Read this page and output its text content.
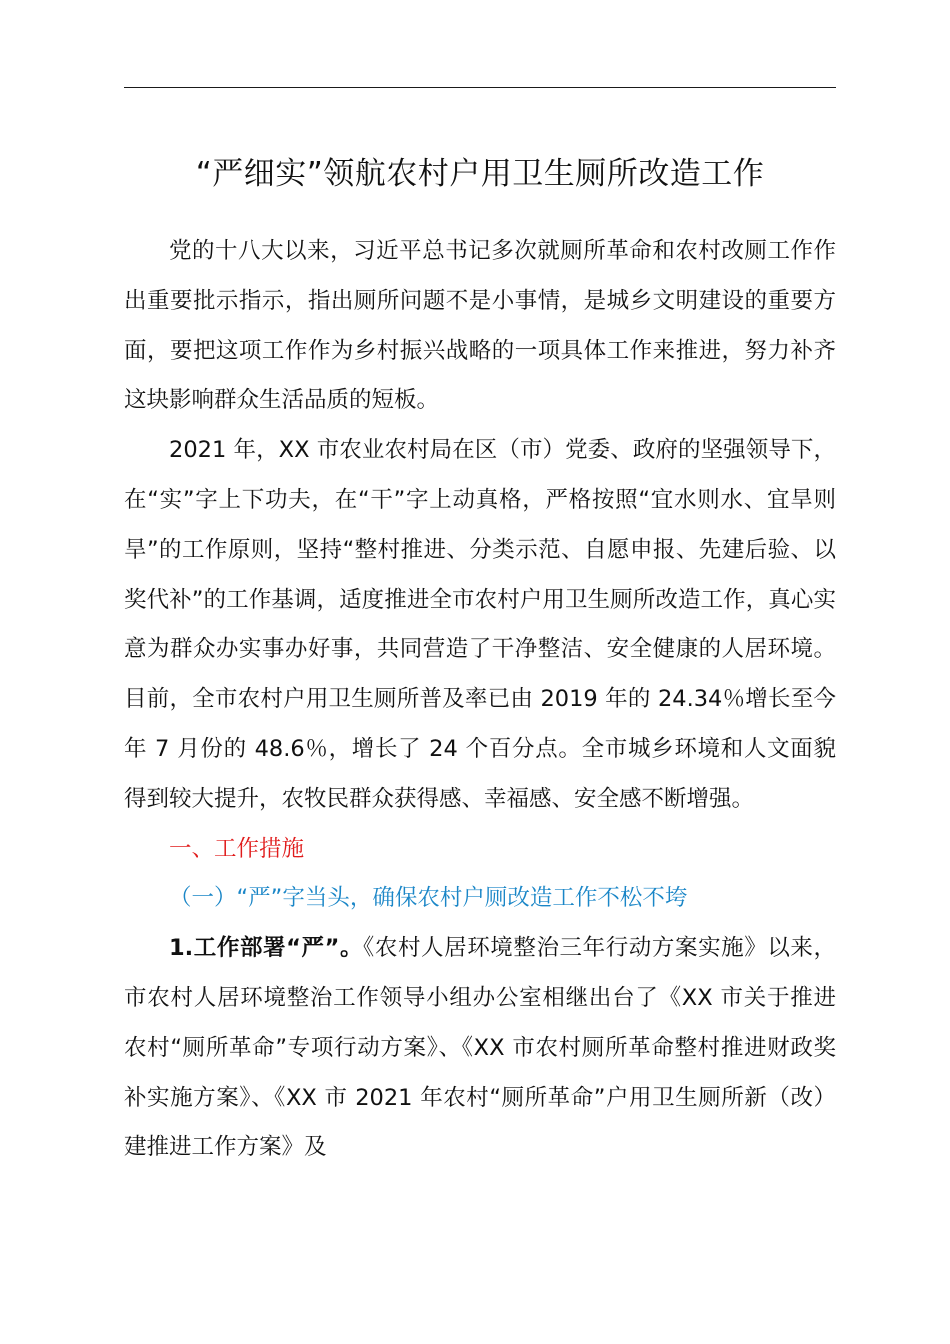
“严细实”领航农村户用卫生厕所改造工作

党的十八大以来，习近平总书记多次就厕所革命和农村改厕工作作出重要批示指示，指出厕所问题不是小事情，是城乡文明建设的重要方面，要把这项工作作为乡村振兴战略的一项具体工作来推进，努力补齐这块影响群众生活品质的短板。

2021 年，XX 市农业农村局在区（市）党委、政府的坚强领导下，在“实”字上下功夫，在“干”字上动真格，严格按照“宜水则水、宜旱则旱”的工作原则，坚持“整村推进、分类示范、自愿申报、先建后验、以奖代补”的工作基调，适度推进全市农村户用卫生厕所改造工作，真心实意为群众办实事办好事，共同营造了干净整洁、安全健康的人居环境。目前，全市农村户用卫生厕所普及率已由 2019 年的 24.34％增长至今年 7 月份的 48.6％，增长了 24 个百分点。全市城乡环境和人文面貌得到较大提升，农牧民群众获得感、幸福感、安全感不断增强。

一、工作措施

（一）“严”字当头，确保农村户厕改造工作不松不垮

1.工作部署“严”。《农村人居环境整治三年行动方案实施》以来，市农村人居环境整治工作领导小组办公室相继出台了《XX 市关于推进农村“厕所革命”专项行动方案》、《XX 市农村厕所革命整村推进财政奖补实施方案》、《XX 市 2021 年农村“厕所革命”户用卫生厕所新（改）建推进工作方案》及
